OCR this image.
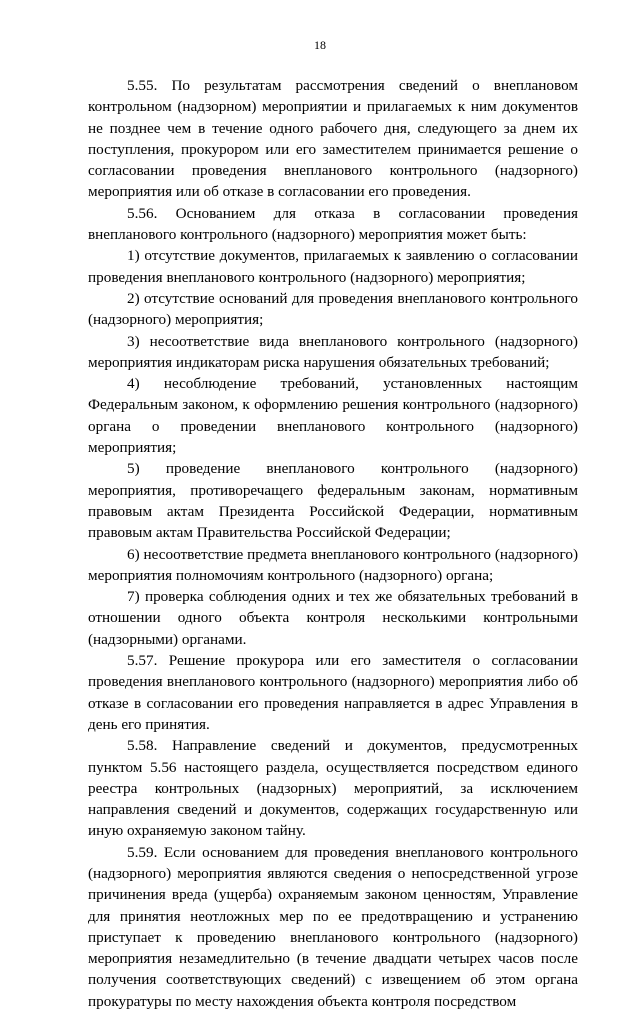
18

5.55. По результатам рассмотрения сведений о внеплановом контрольном (надзорном) мероприятии и прилагаемых к ним документов не позднее чем в течение одного рабочего дня, следующего за днем их поступления, прокурором или его заместителем принимается решение о согласовании проведения внепланового контрольного (надзорного) мероприятия или об отказе в согласовании его проведения.

5.56. Основанием для отказа в согласовании проведения внепланового контрольного (надзорного) мероприятия может быть:

1) отсутствие документов, прилагаемых к заявлению о согласовании проведения внепланового контрольного (надзорного) мероприятия;

2) отсутствие оснований для проведения внепланового контрольного (надзорного) мероприятия;

3) несоответствие вида внепланового контрольного (надзорного) мероприятия индикаторам риска нарушения обязательных требований;

4) несоблюдение требований, установленных настоящим Федеральным законом, к оформлению решения контрольного (надзорного) органа о проведении внепланового контрольного (надзорного) мероприятия;

5) проведение внепланового контрольного (надзорного) мероприятия, противоречащего федеральным законам, нормативным правовым актам Президента Российской Федерации, нормативным правовым актам Правительства Российской Федерации;

6) несоответствие предмета внепланового контрольного (надзорного) мероприятия полномочиям контрольного (надзорного) органа;

7) проверка соблюдения одних и тех же обязательных требований в отношении одного объекта контроля несколькими контрольными (надзорными) органами.

5.57. Решение прокурора или его заместителя о согласовании проведения внепланового контрольного (надзорного) мероприятия либо об отказе в согласовании его проведения направляется в адрес Управления в день его принятия.

5.58. Направление сведений и документов, предусмотренных пунктом 5.56 настоящего раздела, осуществляется посредством единого реестра контрольных (надзорных) мероприятий, за исключением направления сведений и документов, содержащих государственную или иную охраняемую законом тайну.

5.59. Если основанием для проведения внепланового контрольного (надзорного) мероприятия являются сведения о непосредственной угрозе причинения вреда (ущерба) охраняемым законом ценностям, Управление для принятия неотложных мер по ее предотвращению и устранению приступает к проведению внепланового контрольного (надзорного) мероприятия незамедлительно (в течение двадцати четырех часов после получения соответствующих сведений) с извещением об этом органа прокуратуры по месту нахождения объекта контроля посредством
